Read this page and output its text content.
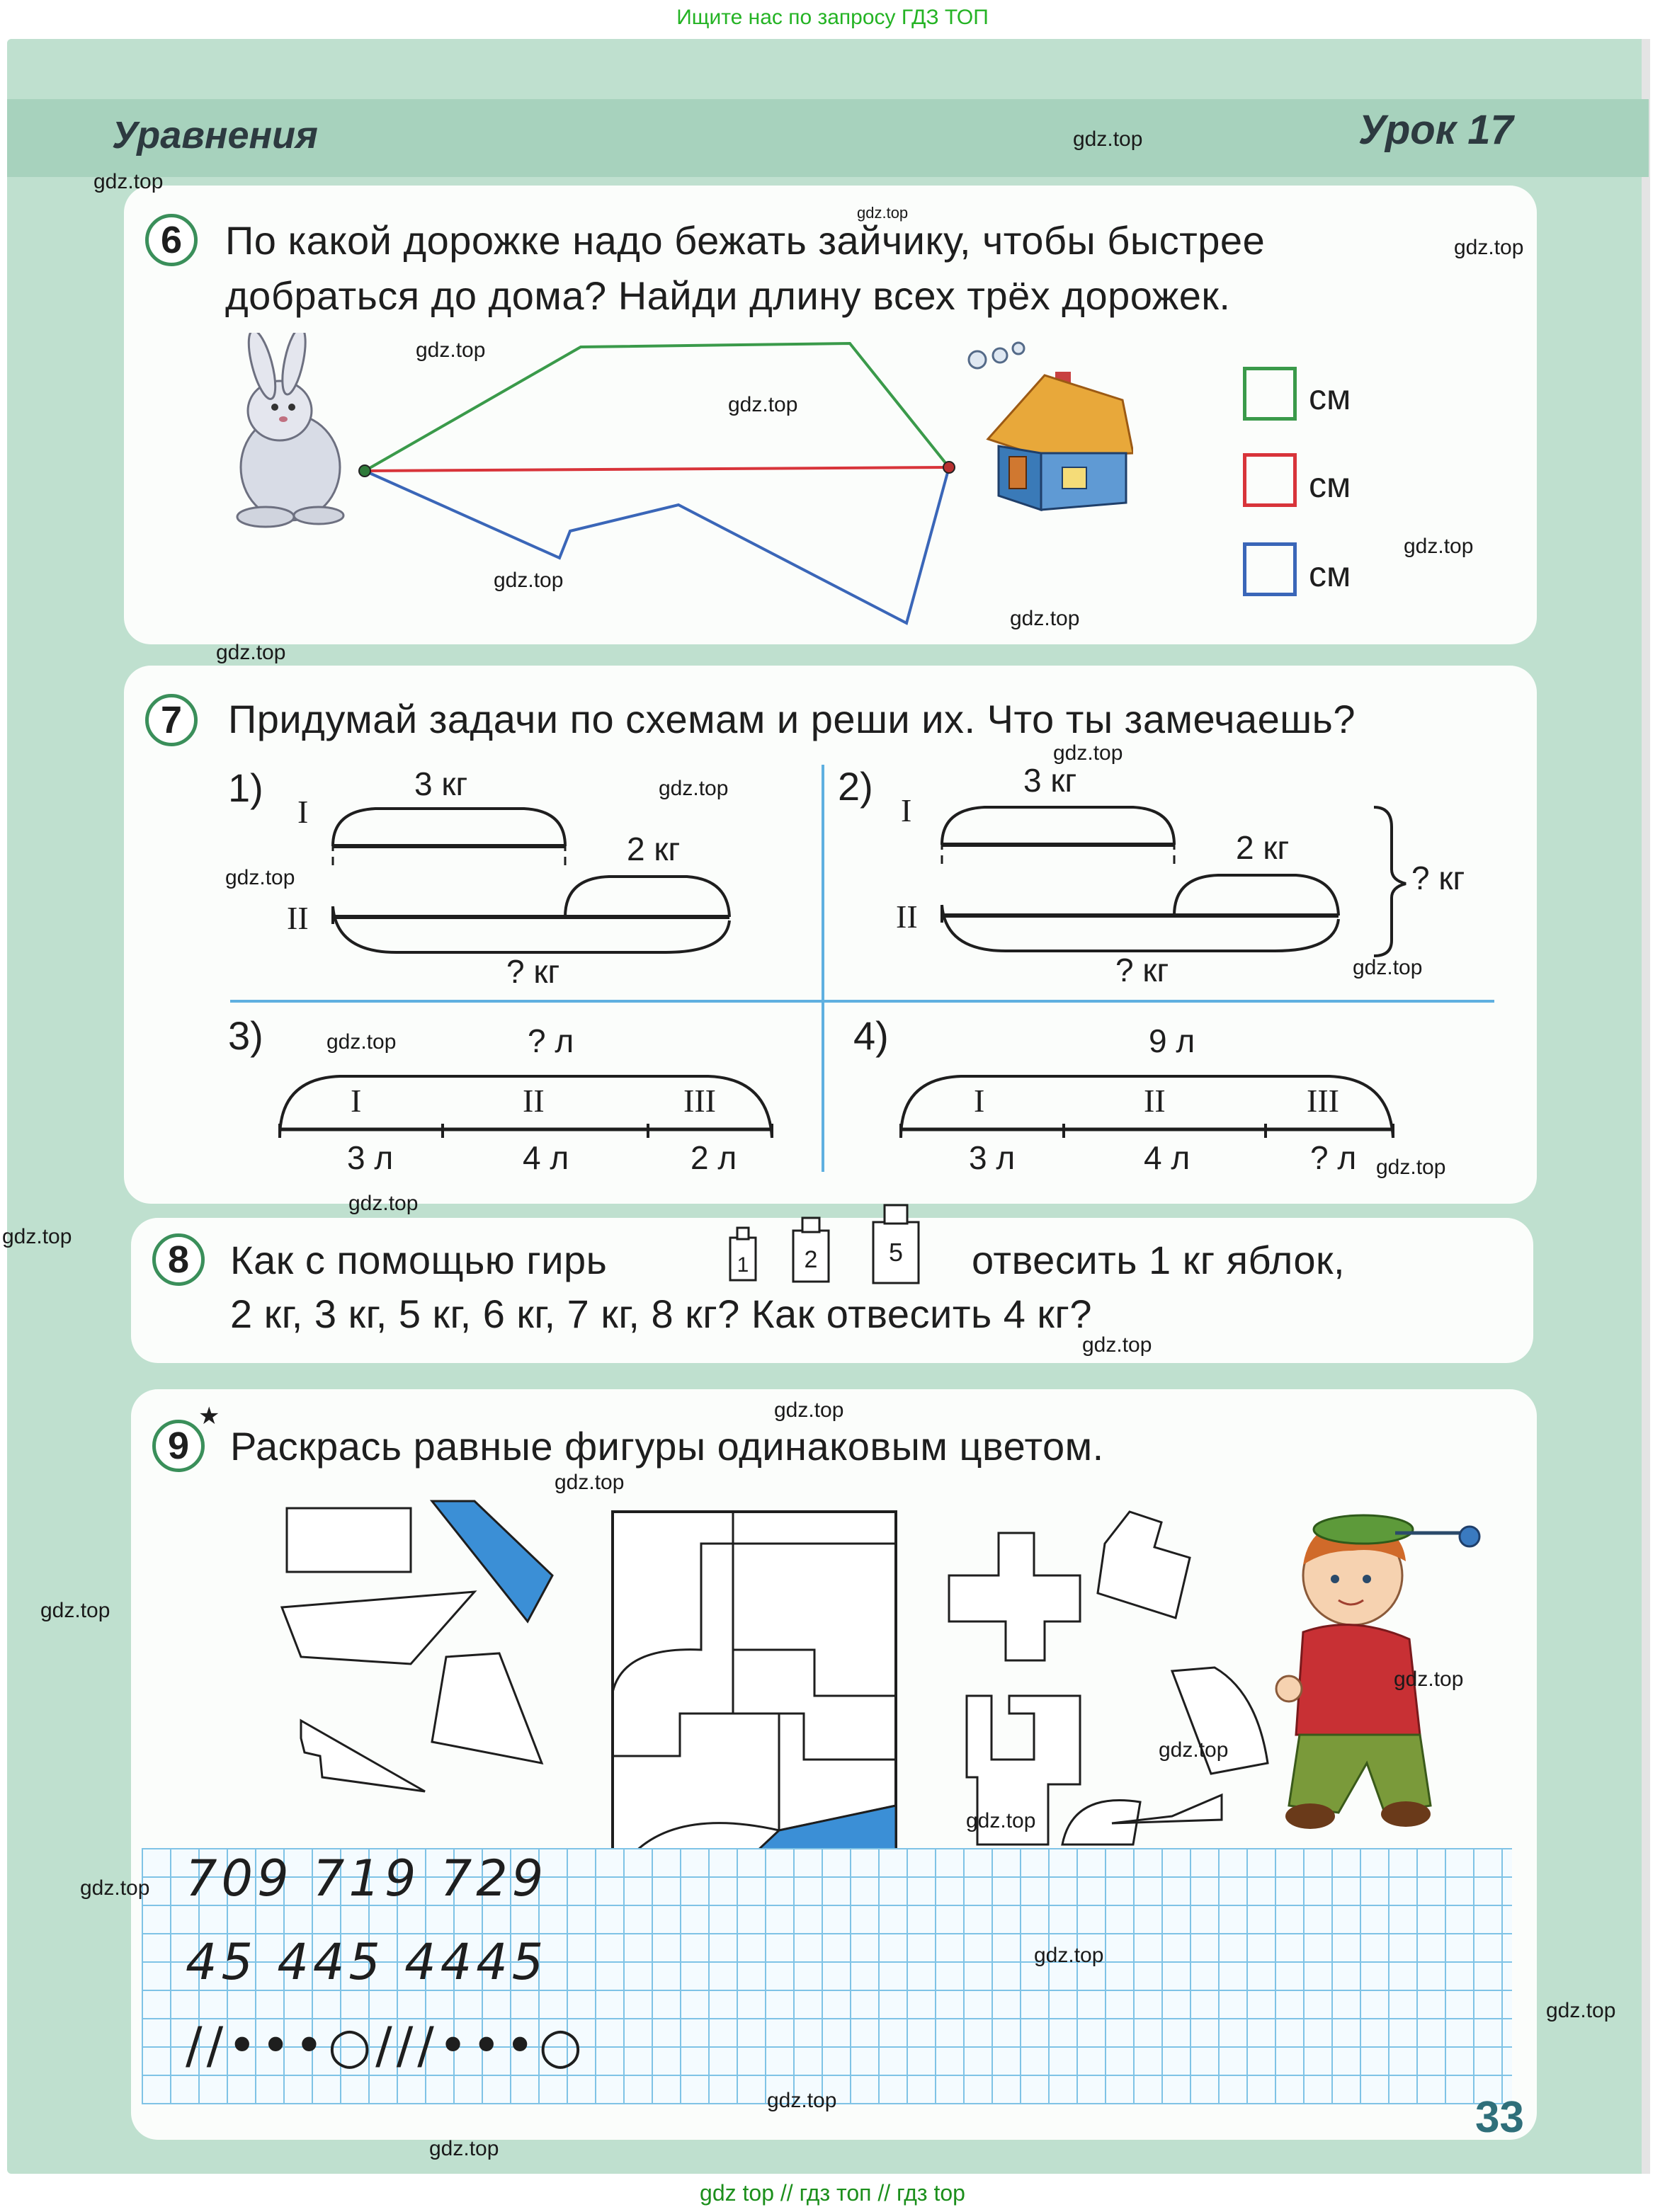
Ищите нас по запросу ГДЗ ТОП
Уравнения	Урок 17
6	По какой дорожке надо бежать зайчику, чтобы быстрее
добраться до дома? Найди длину всех трёх дорожек.
см
см
см
7	Придумай задачи по схемам и реши их. Что ты замечаешь?
1)
I
II
3 кг
2 кг
? кг
2)
I
II
3 кг
2 кг
? кг
? кг
3)	? л
I	II	III
3 л	4 л	2 л
4)	9 л
I	II	III
3 л	4 л	? л
8	Как с помощью гирь	отвесить 1 кг яблок,
2 кг, 3 кг, 5 кг, 6 кг, 7 кг, 8 кг? Как отвесить 4 кг?
1	2	5
9
★
Раскрась равные фигуры одинаковым цветом.
709 719 729
45 445 4445
//•••○///•••○
33
gdz.top
gdz.top
gdz.top
gdz.top
gdz.top
gdz.top
gdz.top
gdz.top
gdz.top
gdz.top
gdz.top
gdz.top
gdz.top
gdz.top
gdz.top
gdz.top
gdz.top
gdz.top
gdz.top
gdz.top
gdz.top
gdz.top
gdz.top
gdz.top
gdz.top
gdz.top
gdz.top
gdz.top
gdz.top
gdz.top
gdz top // гдз топ // гдз top
